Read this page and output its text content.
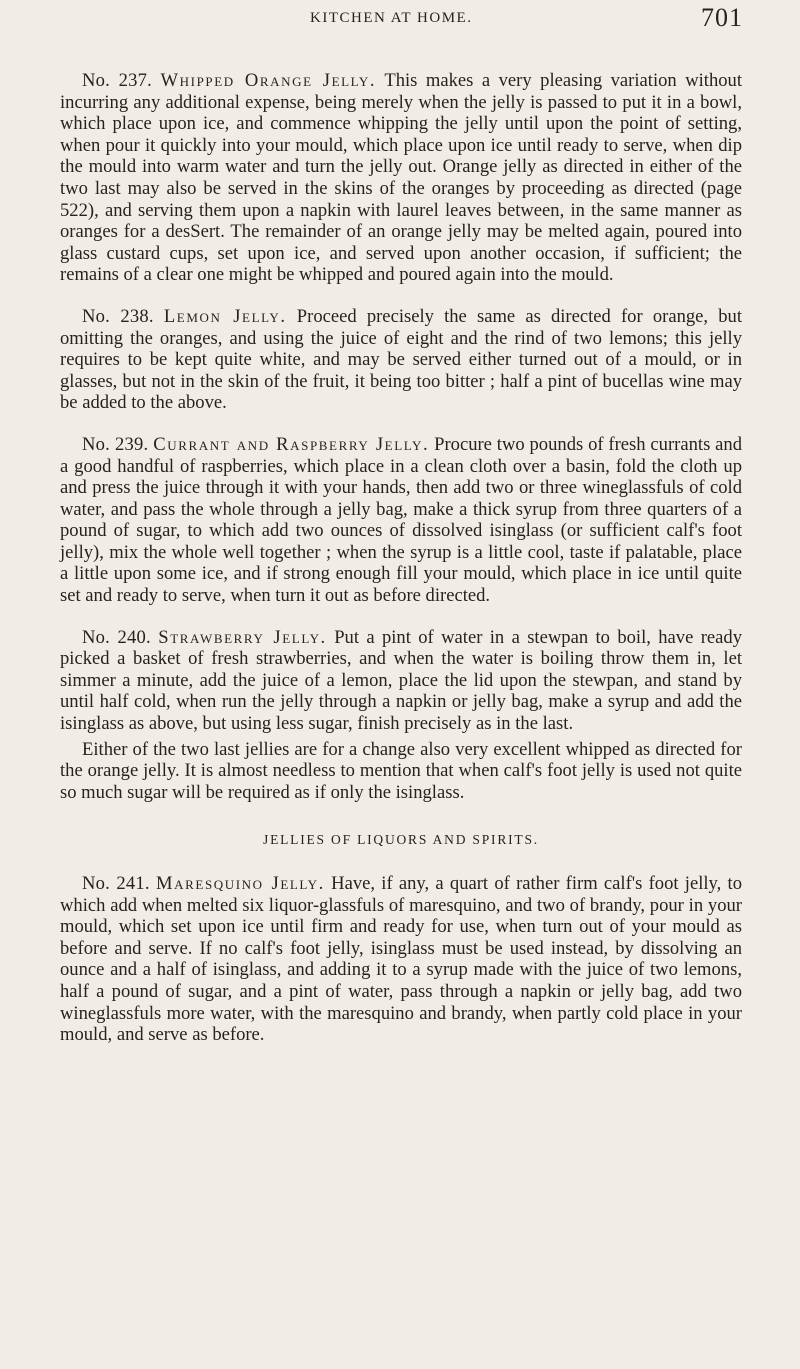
KITCHEN AT HOME.	701

No. 237. Whipped Orange Jelly. This makes a very pleasing variation without incurring any additional expense, being merely when the jelly is passed to put it in a bowl, which place upon ice, and commence whipping the jelly until upon the point of setting, when pour it quickly into your mould, which place upon ice until ready to serve, when dip the mould into warm water and turn the jelly out. Orange jelly as directed in either of the two last may also be served in the skins of the oranges by proceeding as directed (page 522), and serving them upon a napkin with laurel leaves between, in the same manner as oranges for a desSert. The remainder of an orange jelly may be melted again, poured into glass custard cups, set upon ice, and served upon another occasion, if sufficient; the remains of a clear one might be whipped and poured again into the mould.

No. 238. Lemon Jelly. Proceed precisely the same as directed for orange, but omitting the oranges, and using the juice of eight and the rind of two lemons; this jelly requires to be kept quite white, and may be served either turned out of a mould, or in glasses, but not in the skin of the fruit, it being too bitter ; half a pint of bucellas wine may be added to the above.

No. 239. Currant and Raspberry Jelly. Procure two pounds of fresh currants and a good handful of raspberries, which place in a clean cloth over a basin, fold the cloth up and press the juice through it with your hands, then add two or three wineglassfuls of cold water, and pass the whole through a jelly bag, make a thick syrup from three quarters of a pound of sugar, to which add two ounces of dissolved isinglass (or sufficient calf's foot jelly), mix the whole well together ; when the syrup is a little cool, taste if palatable, place a little upon some ice, and if strong enough fill your mould, which place in ice until quite set and ready to serve, when turn it out as before directed.

No. 240. Strawberry Jelly. Put a pint of water in a stewpan to boil, have ready picked a basket of fresh strawberries, and when the water is boiling throw them in, let simmer a minute, add the juice of a lemon, place the lid upon the stewpan, and stand by until half cold, when run the jelly through a napkin or jelly bag, make a syrup and add the isinglass as above, but using less sugar, finish precisely as in the last.

Either of the two last jellies are for a change also very excellent whipped as directed for the orange jelly. It is almost needless to mention that when calf's foot jelly is used not quite so much sugar will be required as if only the isinglass.

JELLIES OF LIQUORS AND SPIRITS.

No. 241. Maresquino Jelly. Have, if any, a quart of rather firm calf's foot jelly, to which add when melted six liquor-glassfuls of maresquino, and two of brandy, pour in your mould, which set upon ice until firm and ready for use, when turn out of your mould as before and serve. If no calf's foot jelly, isinglass must be used instead, by dissolving an ounce and a half of isinglass, and adding it to a syrup made with the juice of two lemons, half a pound of sugar, and a pint of water, pass through a napkin or jelly bag, add two wineglassfuls more water, with the maresquino and brandy, when partly cold place in your mould, and serve as before.
